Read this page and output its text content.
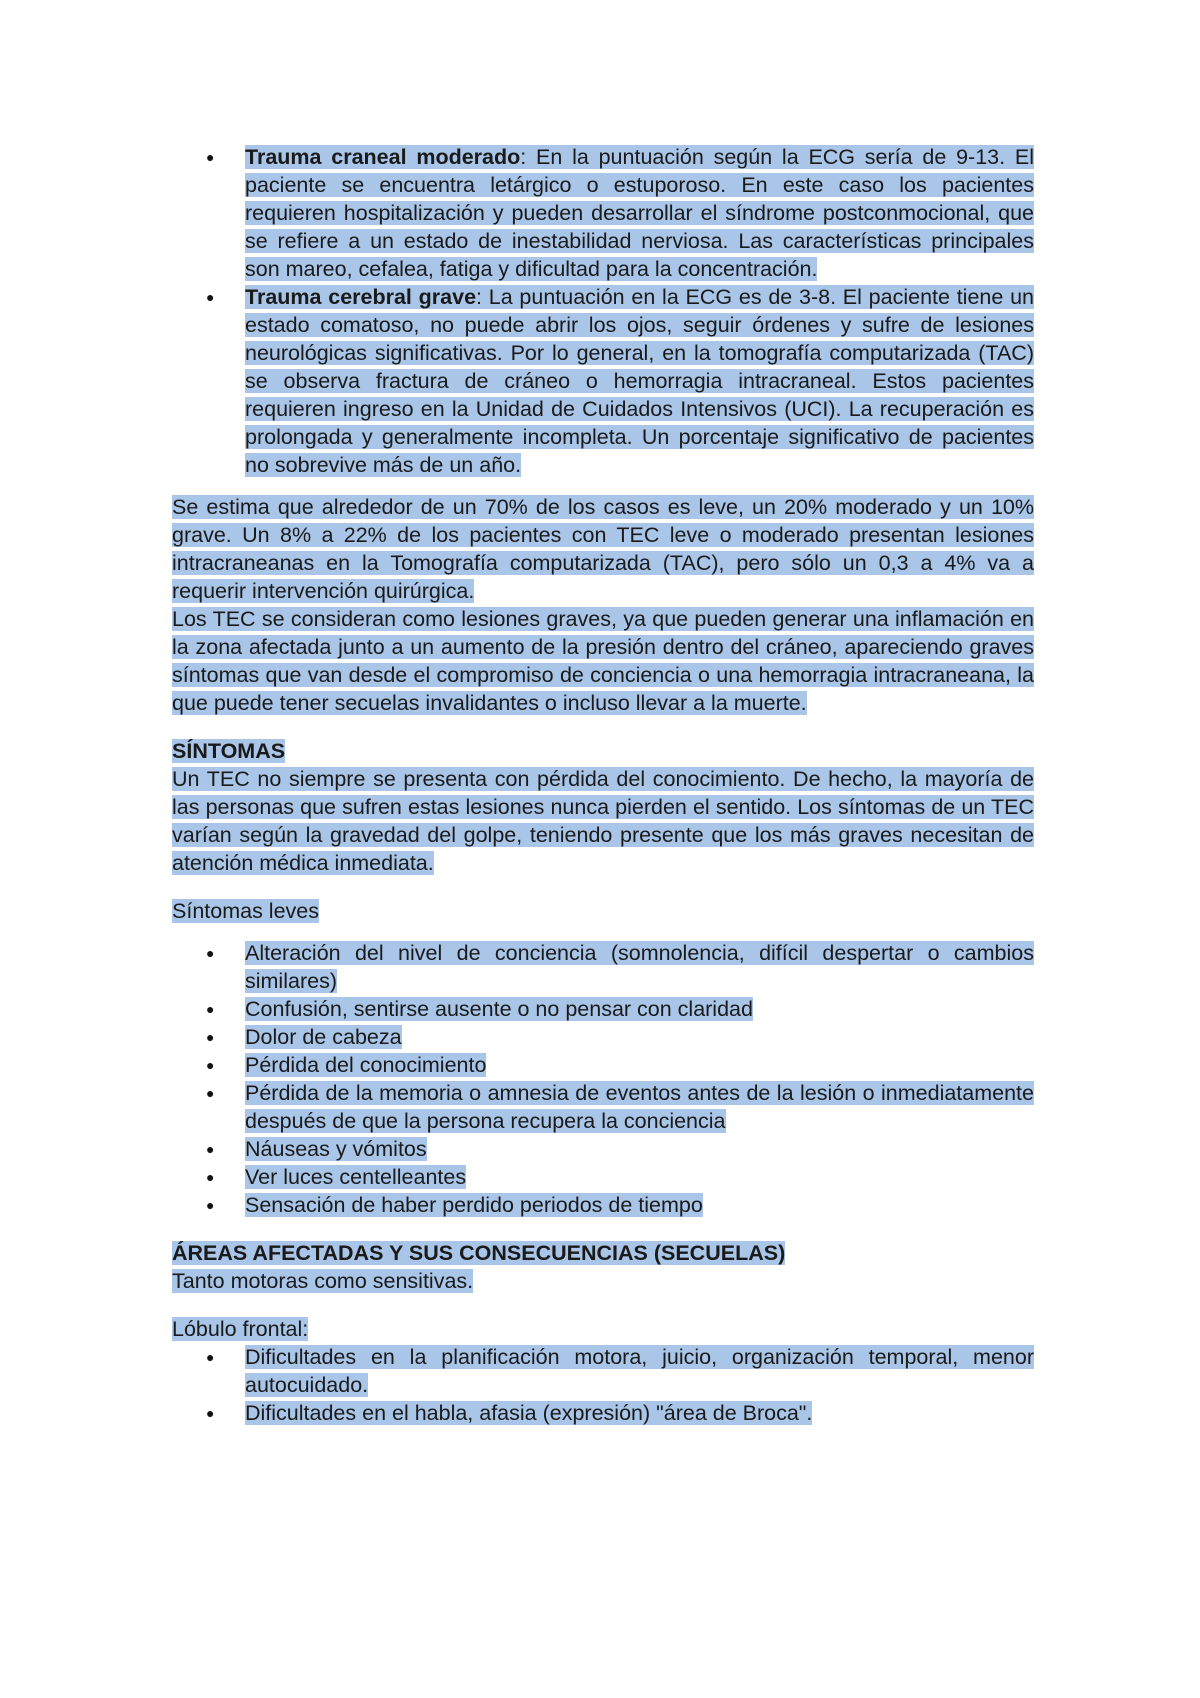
● Trauma craneal moderado: En la puntuación según la ECG sería de 9-13. El paciente se encuentra letárgico o estuporoso. En este caso los pacientes requieren hospitalización y pueden desarrollar el síndrome postconmocional, que se refiere a un estado de inestabilidad nerviosa. Las características principales son mareo, cefalea, fatiga y dificultad para la concentración.
● Trauma cerebral grave: La puntuación en la ECG es de 3-8. El paciente tiene un estado comatoso, no puede abrir los ojos, seguir órdenes y sufre de lesiones neurológicas significativas. Por lo general, en la tomografía computarizada (TAC) se observa fractura de cráneo o hemorragia intracraneal. Estos pacientes requieren ingreso en la Unidad de Cuidados Intensivos (UCI). La recuperación es prolongada y generalmente incompleta. Un porcentaje significativo de pacientes no sobrevive más de un año.

Se estima que alrededor de un 70% de los casos es leve, un 20% moderado y un 10% grave. Un 8% a 22% de los pacientes con TEC leve o moderado presentan lesiones intracraneanas en la Tomografía computarizada (TAC), pero sólo un 0,3 a 4% va a requerir intervención quirúrgica.

Los TEC se consideran como lesiones graves, ya que pueden generar una inflamación en la zona afectada junto a un aumento de la presión dentro del cráneo, apareciendo graves síntomas que van desde el compromiso de conciencia o una hemorragia intracraneana, la que puede tener secuelas invalidantes o incluso llevar a la muerte.

SÍNTOMAS

Un TEC no siempre se presenta con pérdida del conocimiento. De hecho, la mayoría de las personas que sufren estas lesiones nunca pierden el sentido. Los síntomas de un TEC varían según la gravedad del golpe, teniendo presente que los más graves necesitan de atención médica inmediata.

Síntomas leves

● Alteración del nivel de conciencia (somnolencia, difícil despertar o cambios similares)
● Confusión, sentirse ausente o no pensar con claridad
● Dolor de cabeza
● Pérdida del conocimiento
● Pérdida de la memoria o amnesia de eventos antes de la lesión o inmediatamente después de que la persona recupera la conciencia
● Náuseas y vómitos
● Ver luces centelleantes
● Sensación de haber perdido periodos de tiempo

ÁREAS AFECTADAS Y SUS CONSECUENCIAS (SECUELAS)

Tanto motoras como sensitivas.

Lóbulo frontal:

● Dificultades en la planificación motora, juicio, organización temporal, menor autocuidado.
● Dificultades en el habla, afasia (expresión) "área de Broca".
